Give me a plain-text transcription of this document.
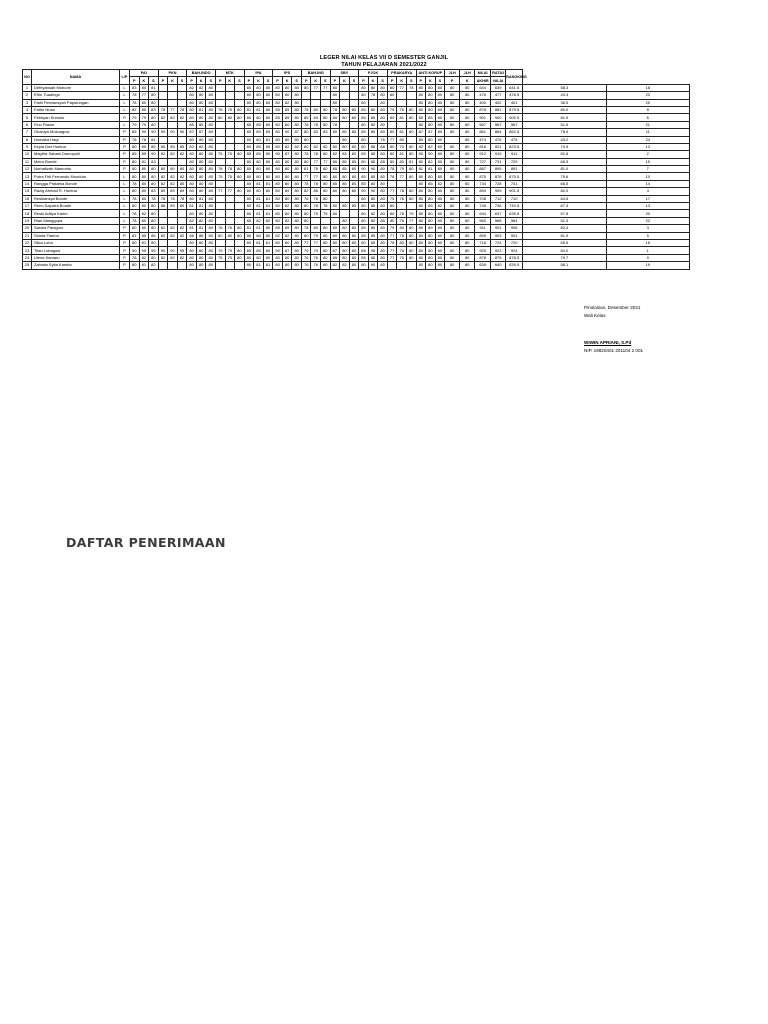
LEGER NILAI KELAS VII D SEMESTER GANJIL
TAHUN PELAJARAN 2021/2022
NO	NAMA	L/P	PAI			PKN			BAH.INDO			MTK			IPA			IPS			BAH.ING			SBY			PJOK			PRAKARYA			ANTI KORUP			JLH	JLH	NILAI	RATA2	RANGKING		
			P	K	S	P	K	S	P	K	S	P	K	S	P	K	S	P	K	S	P	K	S	P	K	S	P	K	S	P	K	S	P	K	S	P	K	AKHIR	NILAI			
1	Defriyansah Mohune	L	83	80	81				82	82	80				80	80	80	80	80	80	80	77	77	80			80	80	80	80	77	78	80	80	80	80	80	644	639	641.5	58.3	18
2	Efrin Tuadingo	L	78	77	80				80	80	80				80	80	80	80	80	80				80			80	78	80	80			80	80	80	80	80	476	477	476.5	43.3	23
3	Fadli Febriansyah Paputungan	L	78	80	80				80	80	80				80	80	80	80	82	80				80			80		80				80	80	80	80	80	400	402	401	36.5	25
4	Fathir Nusa	L	82	85	83	78	77	78	80	81	80	76	76	80	81	81	80	85	85	80	78	80	80	78	80	80	85	80	80	75	76	80	80	80	80	80	80	878	881	879.5	80.0	8
5	Febriyan Sumolo	P	79	79	80	82	82	82	80	80	80	80	80	80	80	80	80	85	85	80	85	83	80	80	80	80	85	85	80	80	81	80	85	85	80	80	80	901	900	900.5	81.9	6
6	Fino Pasue	L	79	79	80				85	85	80				80	85	80	80	80	80	78	78	80	78			80	80	80				80	80	80	80	80	567	567	567	51.5	21
7	Ghaniya Mokoagow	P	85	90	90	90	90	90	87	87	80				80	89	89	80	90	87	80	83	83	80	85	85	85	85	80	80	81	80	87	87	80	80	80	861	864	862.5	78.4	11
8	Humaira Hagi	P	78	78	81				80	80	80				80	80	81	80	80	80	80				80		80		76	77	80		80	80	80		80	474	476	475	43.2	24
9	Keyla Dwi Huntua	P	80	85	85	85	85	85	82	82	80				80	85	85	80	82	82	80	82	82	80	80	80	80	88	88	80	70	80	82	82	80	80	80	816	821	823.5	74.9	12
10	Magfira Sabani Damopolii	P	85	85	90	82	82	82	80	80	80	75	75	80	85	85	80	90	87	80	78	78	80	82	83	80	85	85	80	80	81	80	90	90	80	80	80	912	910	911	82.8	2
11	Meiro Bonde	P	80	81	83				80	80	80				80	80	80	80	80	80	80	77	77	80	85	85	80	85	85	80	80	81	80	82	80	80	80	727	731	729	66.3	15
12	Nurhafizah Mamonto	P	80	80	80	80	80	80	80	80	80	78	78	80	80	80	80	80	80	80	81	78	80	85	85	80	90	90	80	78	79	80	81	81	80	80	80	887	895	891	81.0	7
13	Putra Firli Fernando Mooduto	L	80	80	80	82	82	82	80	80	80	75	75	80	80	80	80	80	80	80	77	77	80	80	80	80	85	85	80	76	77	80	80	80	80	80	80	875	876	875.5	79.6	10
14	Rangga Pratama Bonde	L	78	80	80	82	82	85	80	80	80				80	81	81	80	80	80	78	78	80	85	85	80	85	80	80				80	85	82	80	80	734	728	731	66.5	14
15	Razig Ahmad R. Huntua	L	80	80	83	89	89	89	80	80	80	77	77	80	80	80	80	80	89	80	82	86	80	80	80	80	90	90	80	77	78	80	80	80	80	80	80	894	909	901.5	82.0	4
16	Reskiansya Bonde	L	78	80	78	78	78	78	80	81	80				80	81	81	80	80	80	76	76	80				80	80	80	75	76	80	80	80	80	80	80	708	712	710	64.5	17
17	Reno Saputra Bonde	L	80	80	80	88	89	89	81	81	80				80	81	81	80	82	80	80	78	78	80	85	85	80	85	80	80			80	85	82	80	80	745	736	740.5	67.3	13
18	Reski Aditya Karim	L	78	82	80				80	80	80				80	81	81	80	80	80	80	75	75	80			80	82	80	80	78	79	80	80	80	80	80	634	637	635.5	57.8	20
19	Rian Manggopa	L	78	80	80				82	82	80				80	82	82	80	82	80	80				80		80	80	85	80	76	77	80	80	80	80	80	560	568	564	51.3	22
20	Sasina Panigoro	P	80	80	80	82	82	82	81	81	80	76	76	80	81	81	80	89	89	80	78	80	80	80	80	80	85	85	80	79	80	80	89	89	80	80	80	911	901	906	82.4	3
21	Shinta Fiarina	P	81	85	85	82	82	82	86	86	80	80	80	80	86	86	80	82	82	80	80	79	80	80	80	80	85	85	80	77	78	80	80	80	80	80	80	899	903	901	81.9	5
22	Sikla Loha	P	80	81	80				80	80	80				80	81	81	80	80	80	77	77	80	80	80	80	80	85	80	78	80	80	80	80	80	80	80	716	724	720	65.5	16
23	Titan Lobagow	P	90	95	95	90	90	95	80	80	80	79	79	80	85	85	80	90	87	80	79	79	80	87	80	80	88	95	80	77	78	80	80	80	80	80	80	925	923	924	84.0	1
24	Ulena Kamaru	P	78	82	80	82	82	82	80	80	80	75	75	80	80	80	80	80	80	80	76	76	80	85	80	80	85	85	80	77	75	80	80	80	80	80	80	878	875	876.5	79.7	9
25	Zahrata Sylta Kamba	P	80	81	82				80	80	80				80	81	81	80	80	80	76	76	80	82	82	80	80	90	80				80	80	80	80	80	639	640	639.5	58.1	19
Pinolosian, Desember 2021
Wali Kelas
WIWIN APRIANI, S.Pd
NIP. 19820401 201104 2 001
DAFTAR PENERIMAAN
